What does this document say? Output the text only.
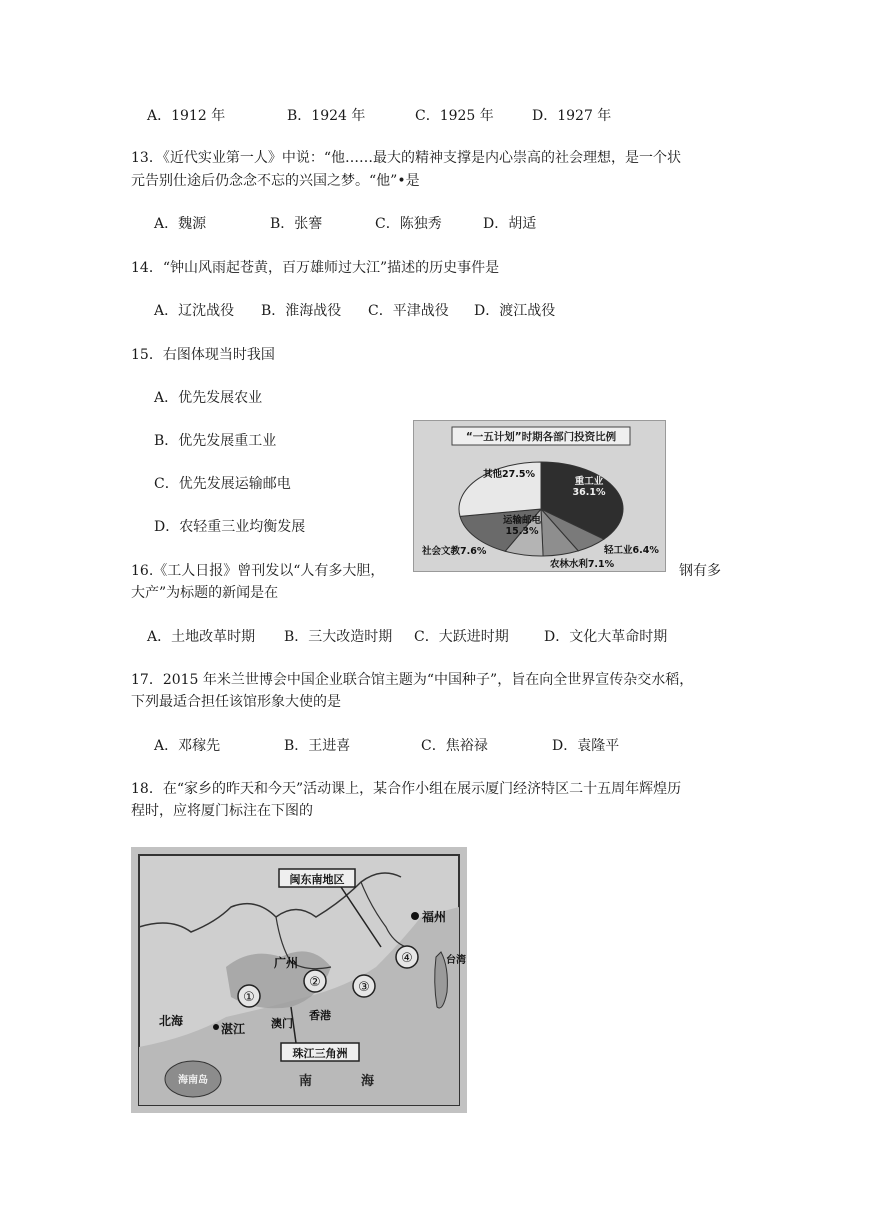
A．1912 年	B．1924 年	C．1925 年	D．1927 年
13．《近代实业第一人》中说：“他……最大的精神支撑是内心崇高的社会理想，是一个状
元告别仕途后仍念念不忘的兴国之梦。“他”•是
A．魏源	B．张謇	C．陈独秀	D．胡适
14．“钟山风雨起苍黄，百万雄师过大江”描述的历史事件是
A．辽沈战役 B．淮海战役 C．平津战役 D．渡江战役
15．右图体现当时我国
A．优先发展农业
B．优先发展重工业
C．优先发展运输邮电
D．农轻重三业均衡发展
“一五计划”时期各部门投资比例
重工业
36.1%
轻工业6.4%
农林水利7.1%
社会文教7.6%
运输邮电
15.3%
其他27.5%
16.《工人日报》曾刊发以“人有多大胆，	钢有多
大产”为标题的新闻是在
A．土地改革时期 B．三大改造时期 C．大跃进时期	D．文化大革命时期
17．2015 年米兰世博会中国企业联合馆主题为“中国种子”，旨在向全世界宣传杂交水稻，
下列最适合担任该馆形象大使的是
A．邓稼先	B．王进喜	C．焦裕禄	D．袁隆平
18．在“家乡的昨天和今天”活动课上，某合作小组在展示厦门经济特区二十五周年辉煌历
程时，应将厦门标注在下图的
闽东南地区
珠江三角洲
福州
广州
香港
澳门
湛江
北海
海南岛
台湾
南	海
①
②	③
④
